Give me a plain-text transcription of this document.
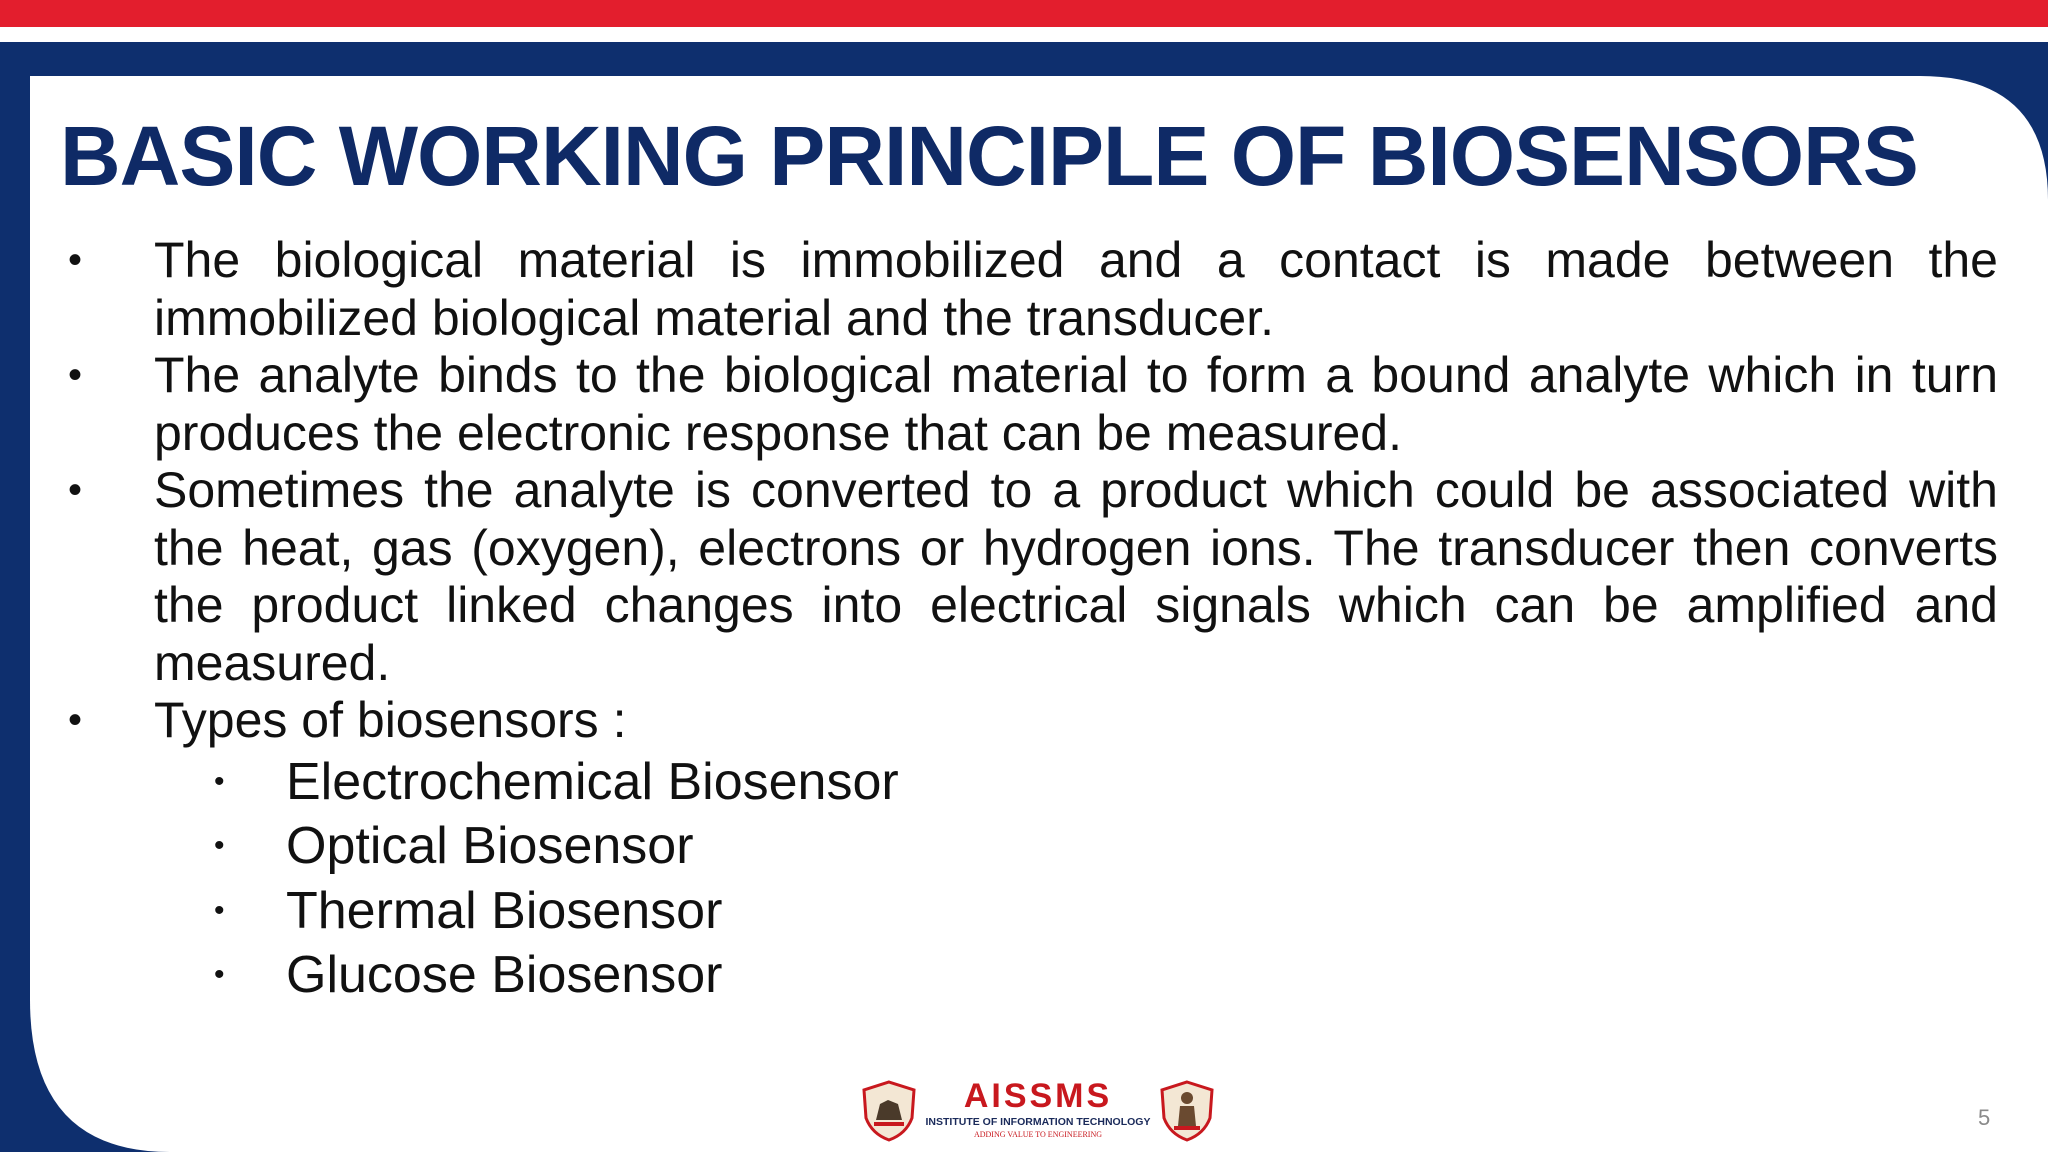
BASIC WORKING PRINCIPLE OF BIOSENSORS
•	The biological material is immobilized and a contact is made between the immobilized biological material and the transducer.
•	The analyte binds to the biological material to form a bound analyte which in turn produces the electronic response that can be measured.
•	Sometimes the analyte is converted to a product which could be associated with the heat, gas (oxygen), electrons or hydrogen ions. The transducer then converts the product linked changes into electrical signals which can be amplified and measured.
•	Types of biosensors :
• Electrochemical Biosensor
• Optical Biosensor
• Thermal Biosensor
• Glucose Biosensor
AISSMS
INSTITUTE OF INFORMATION TECHNOLOGY
ADDING VALUE TO ENGINEERING
5
